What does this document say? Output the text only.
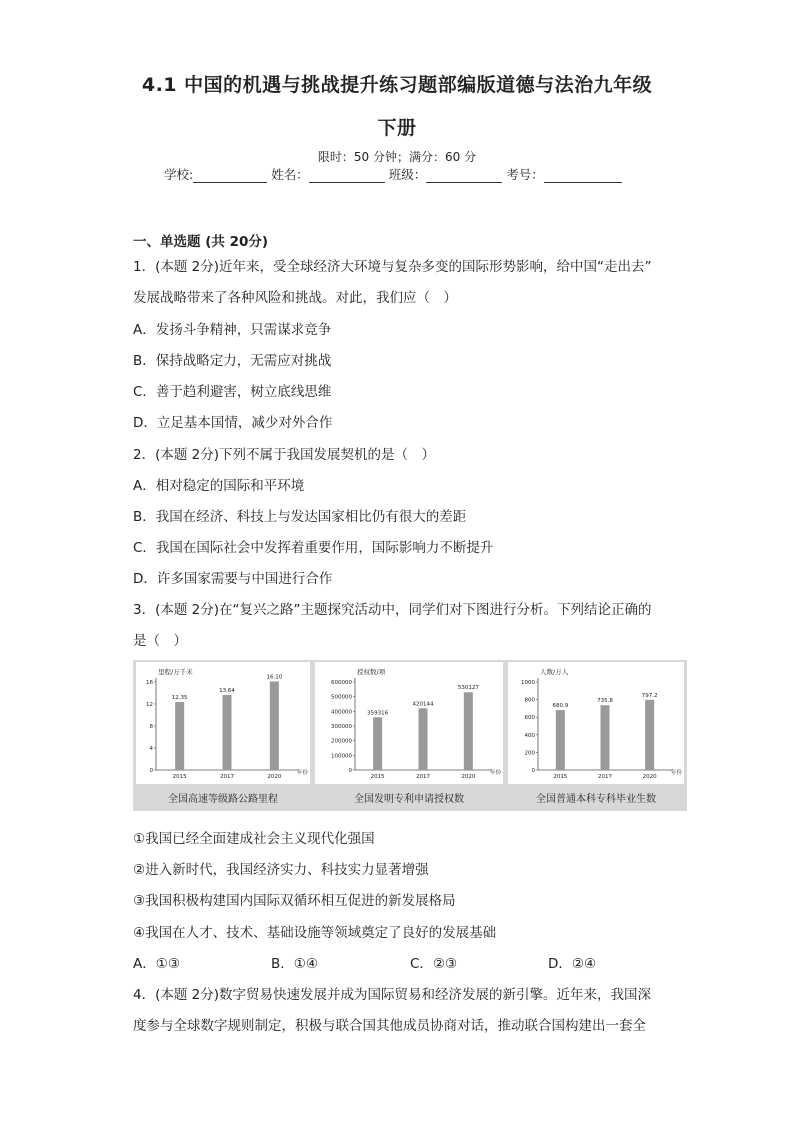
4.1 中国的机遇与挑战提升练习题部编版道德与法治九年级
下册
限时：50 分钟；满分：60 分
学校:	姓名：	班级：	考号：
一、单选题 (共 20分)
1．(本题 2分)近年来，受全球经济大环境与复杂多变的国际形势影响，给中国“走出去”
发展战略带来了各种风险和挑战。对此，我们应（　）
A．发扬斗争精神，只需谋求竞争
B．保持战略定力，无需应对挑战
C．善于趋利避害，树立底线思维
D．立足基本国情，减少对外合作
2．(本题 2分)下列不属于我国发展契机的是（　）
A．相对稳定的国际和平环境
B．我国在经济、科技上与发达国家相比仍有很大的差距
C．我国在国际社会中发挥着重要作用，国际影响力不断提升
D．许多国家需要与中国进行合作
3．(本题 2分)在“复兴之路”主题探究活动中，同学们对下图进行分析。下列结论正确的
是（　）
里程/万千米
0
4
8
12
16
12.35
2015
13.64
2017
16.10
2020
年份
授权数/项
0
100000
200000
300000
400000
500000
600000
359316
2015
420144
2017
530127
2020
年份
人数/万人
0
200
400
600
800
1000
680.9
2015
735.8
2017
797.2
2020
年份
全国高速等级路公路里程	全国发明专利申请授权数	全国普通本科专科毕业生数
①我国已经全面建成社会主义现代化强国
②进入新时代，我国经济实力、科技实力显著增强
③我国积极构建国内国际双循环相互促进的新发展格局
④我国在人才、技术、基础设施等领域奠定了良好的发展基础
A．①③	B．①④	C．②③	D．②④
4．(本题 2分)数字贸易快速发展并成为国际贸易和经济发展的新引擎。近年来，我国深
度参与全球数字规则制定，积极与联合国其他成员协商对话，推动联合国构建出一套全
